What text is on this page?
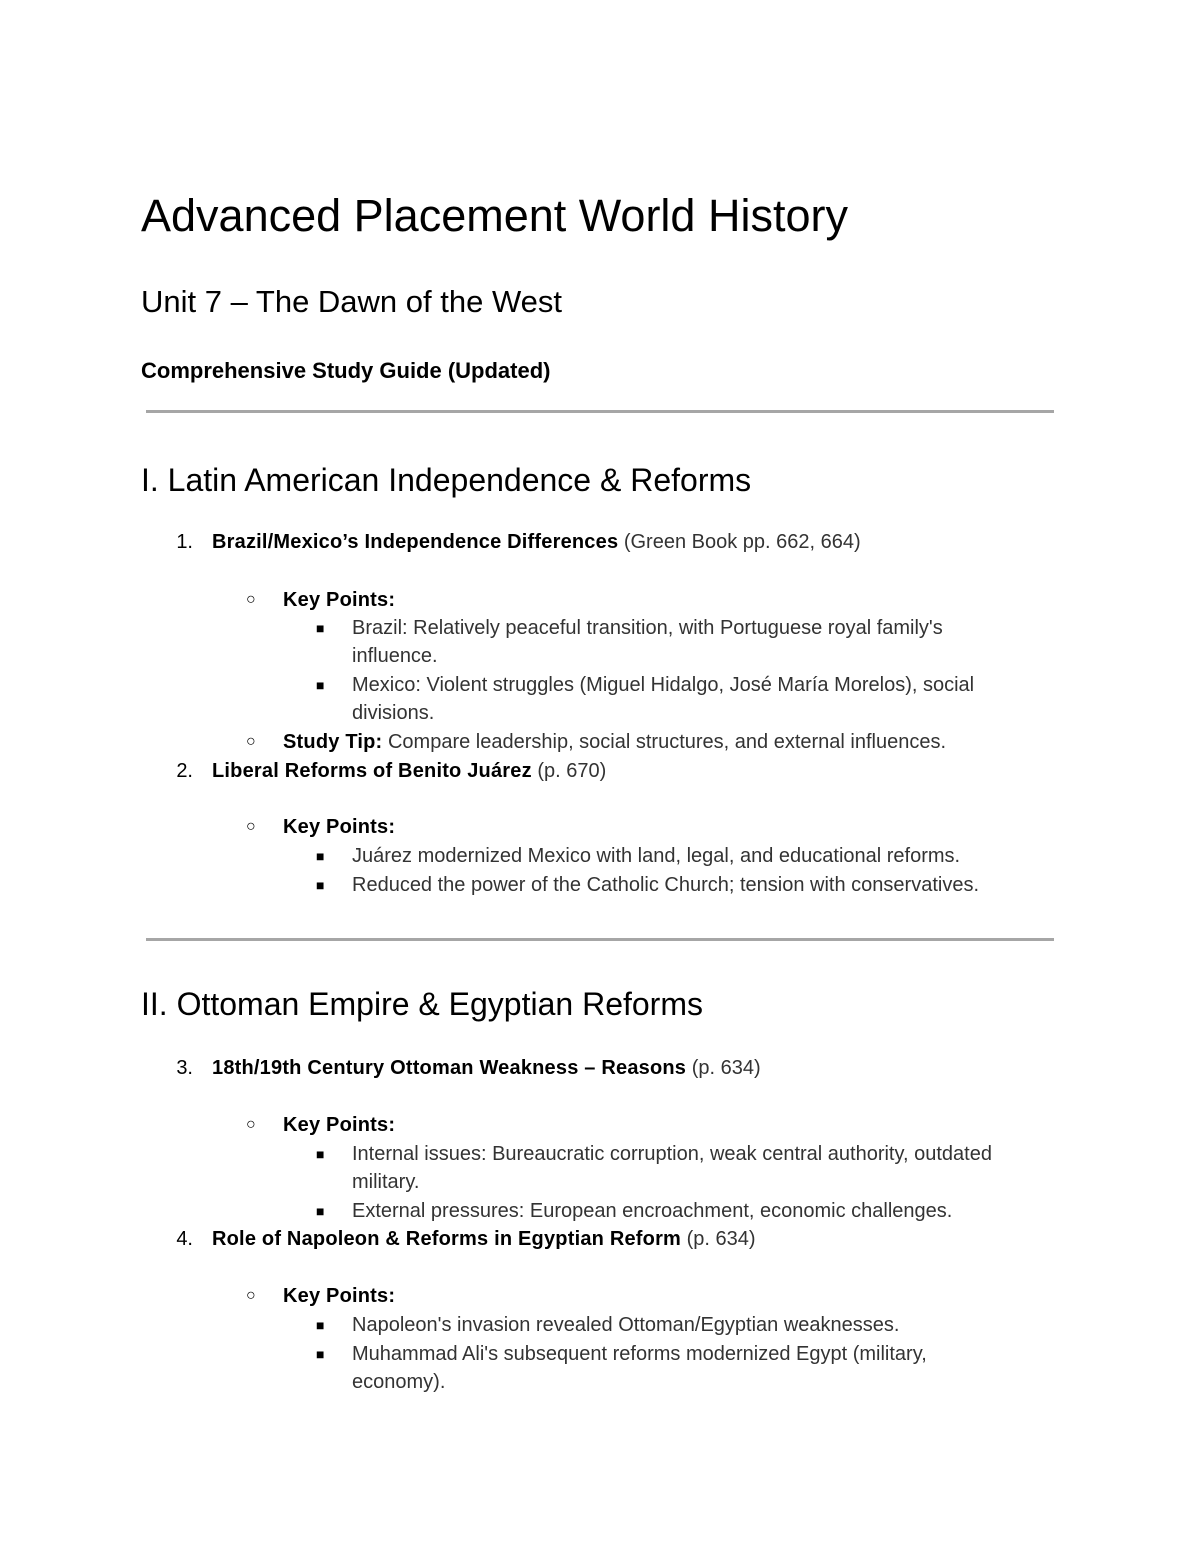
Advanced Placement World History
Unit 7 – The Dawn of the West
Comprehensive Study Guide (Updated)
I. Latin American Independence & Reforms
1. Brazil/Mexico’s Independence Differences (Green Book pp. 662, 664)
○ Key Points:
■ Brazil: Relatively peaceful transition, with Portuguese royal family's
influence.
■ Mexico: Violent struggles (Miguel Hidalgo, José María Morelos), social
divisions.
○ Study Tip: Compare leadership, social structures, and external influences.
2. Liberal Reforms of Benito Juárez (p. 670)
○ Key Points:
■ Juárez modernized Mexico with land, legal, and educational reforms.
■ Reduced the power of the Catholic Church; tension with conservatives.
II. Ottoman Empire & Egyptian Reforms
3. 18th/19th Century Ottoman Weakness – Reasons (p. 634)
○ Key Points:
■ Internal issues: Bureaucratic corruption, weak central authority, outdated
military.
■ External pressures: European encroachment, economic challenges.
4. Role of Napoleon & Reforms in Egyptian Reform (p. 634)
○ Key Points:
■ Napoleon's invasion revealed Ottoman/Egyptian weaknesses.
■ Muhammad Ali's subsequent reforms modernized Egypt (military,
economy).
